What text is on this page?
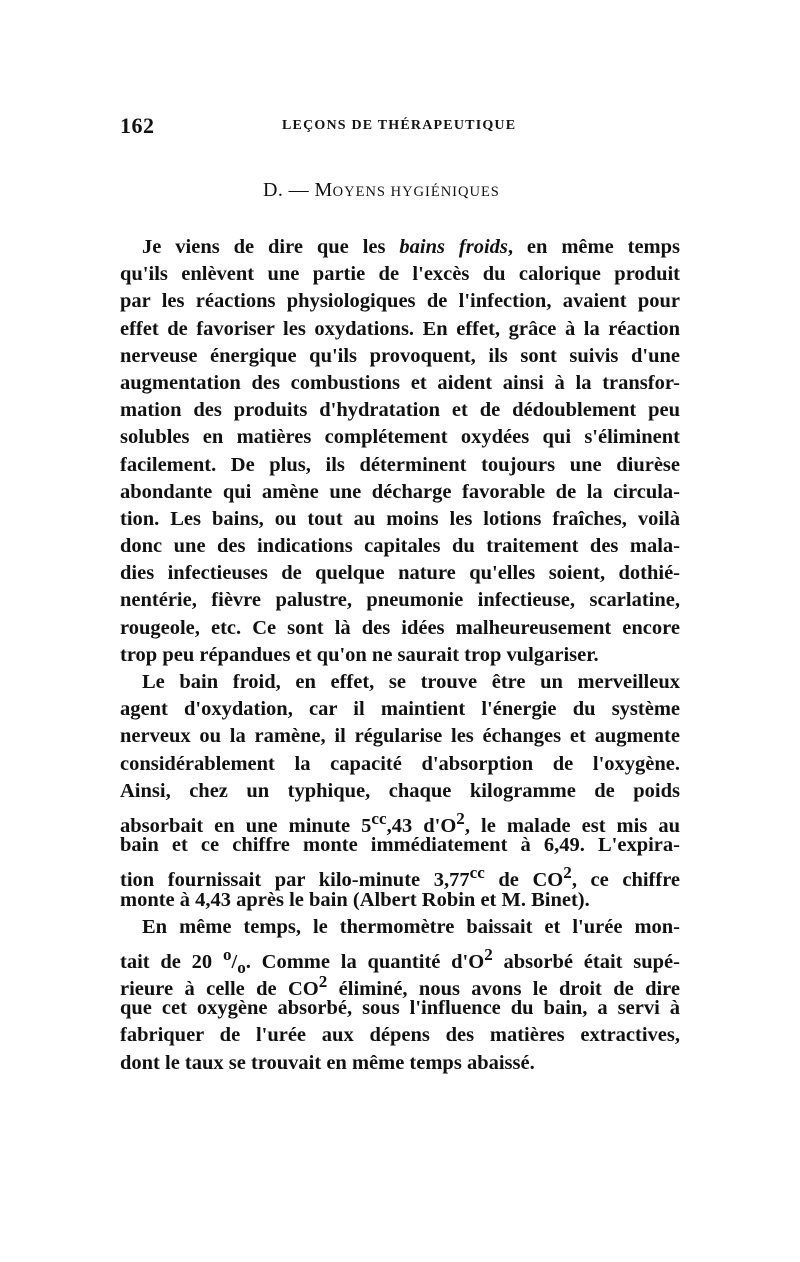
162	LEÇONS DE THÉRAPEUTIQUE
D. — MOYENS HYGIÉNIQUES
Je viens de dire que les bains froids, en même temps
qu'ils enlèvent une partie de l'excès du calorique produit
par les réactions physiologiques de l'infection, avaient pour
effet de favoriser les oxydations. En effet, grâce à la réaction
nerveuse énergique qu'ils provoquent, ils sont suivis d'une
augmentation des combustions et aident ainsi à la transfor-
mation des produits d'hydratation et de dédoublement peu
solubles en matières complétement oxydées qui s'éliminent
facilement. De plus, ils déterminent toujours une diurèse
abondante qui amène une décharge favorable de la circula-
tion. Les bains, ou tout au moins les lotions fraîches, voilà
donc une des indications capitales du traitement des mala-
dies infectieuses de quelque nature qu'elles soient, dothié-
nentérie, fièvre palustre, pneumonie infectieuse, scarlatine,
rougeole, etc. Ce sont là des idées malheureusement encore
trop peu répandues et qu'on ne saurait trop vulgariser.
Le bain froid, en effet, se trouve être un merveilleux
agent d'oxydation, car il maintient l'énergie du système
nerveux ou la ramène, il régularise les échanges et augmente
considérablement la capacité d'absorption de l'oxygène.
Ainsi, chez un typhique, chaque kilogramme de poids
absorbait en une minute $5^{cc},43$ $d'O^2$, le malade est mis au
bain et ce chiffre monte immédiatement à 6,49. L'expira-
tion fournissait par kilo-minute 3,77$^{cc}$ de $CO^2$, ce chiffre
monte à 4,43 après le bain (Albert Robin et M. Binet).
En même temps, le thermomètre baissait et l'urée mon-
tait de 20 $^o/_o$. Comme la quantité $d'O^2$ absorbé était supé-
rieure à celle de $CO^2$ éliminé, nous avons le droit de dire
que cet oxygène absorbé, sous l'influence du bain, a servi à
fabriquer de l'urée aux dépens des matières extractives,
dont le taux se trouvait en même temps abaissé.
